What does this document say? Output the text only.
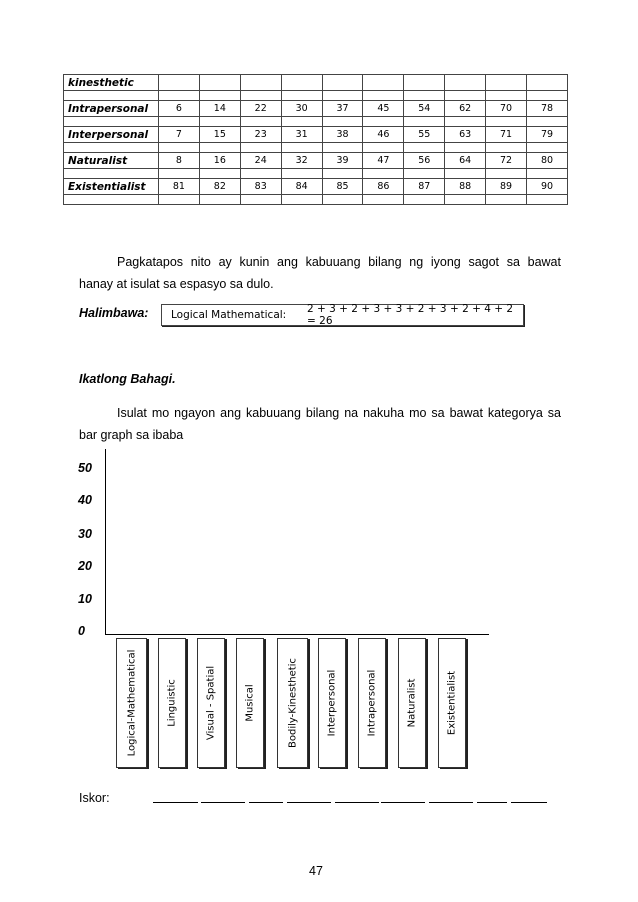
kinesthetic										

Intrapersonal	6	14	22	30	37	45	54	62	70	78

Interpersonal	7	15	23	31	38	46	55	63	71	79

Naturalist	8	16	24	32	39	47	56	64	72	80

Existentialist	81	82	83	84	85	86	87	88	89	90

Pagkatapos nito ay kunin ang kabuuang bilang ng iyong sagot sa bawat
hanay at isulat sa espasyo sa dulo.
Halimbawa: Logical Mathematical: 2 + 3 + 2 + 3 + 3 + 2 + 3 + 2 + 4 + 2 = 26
Ikatlong Bahagi.
Isulat mo ngayon ang kabuuang bilang na nakuha mo sa bawat kategorya sa
bar graph sa ibaba
50
40
30
20
10
0
Logical-Mathematical	Linguistic	Visual - Spatial	Musical	Bodily-Kinesthetic	Interpersonal	Intrapersonal	Naturalist	Existentialist
Iskor:
47
